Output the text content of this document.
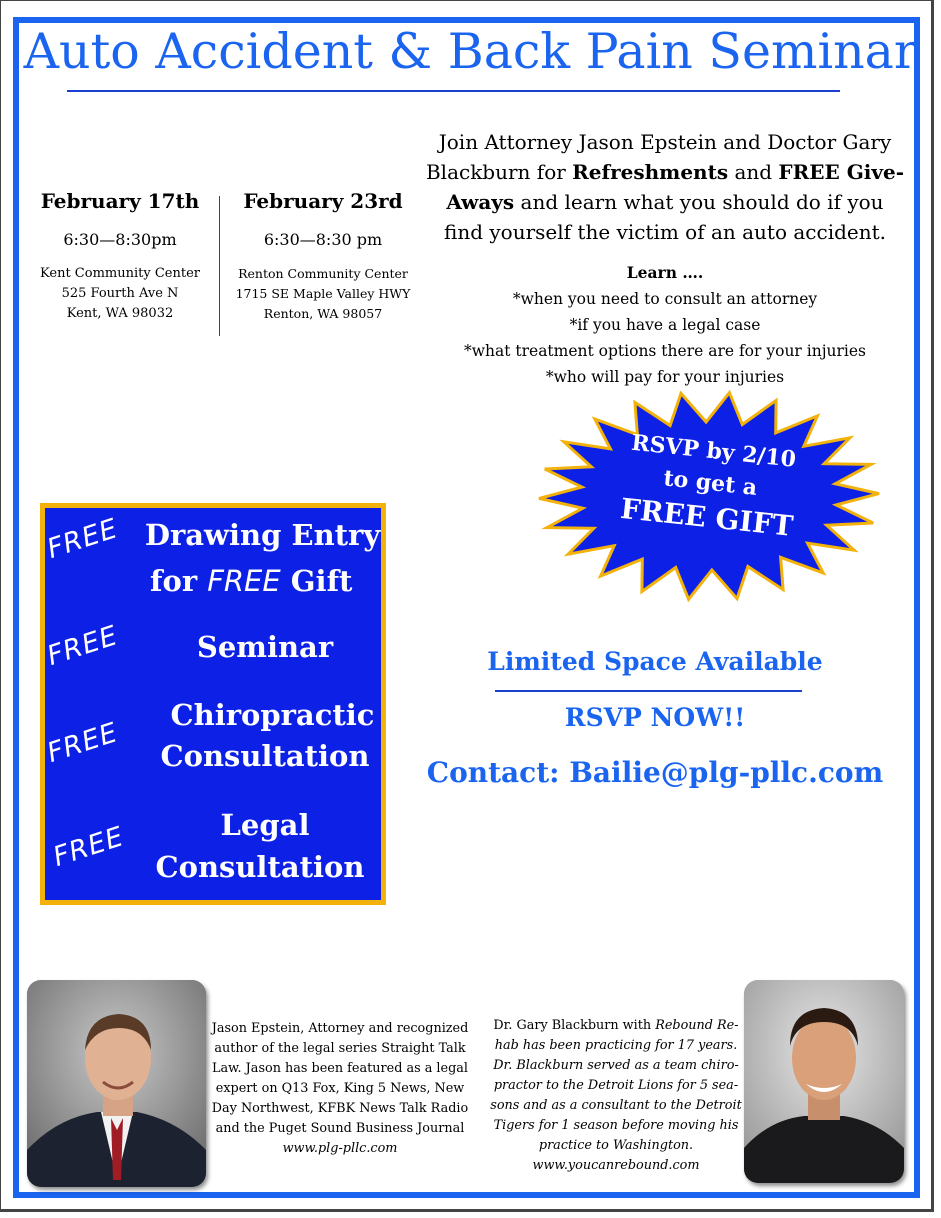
Auto Accident & Back Pain Seminar
February 17th
6:30—8:30pm
Kent Community Center
525 Fourth Ave N
Kent, WA 98032
February 23rd
6:30—8:30 pm
Renton Community Center
1715 SE Maple Valley HWY
Renton, WA 98057
Join Attorney Jason Epstein and Doctor Gary Blackburn for Refreshments and FREE Give-Aways and learn what you should do if you find yourself the victim of an auto accident.
Learn ….
*when you need to consult an attorney
*if you have a legal case
*what treatment options there are for your injuries
*who will pay for your injuries
RSVP by 2/10
to get a
FREE GIFT
FREE Drawing Entry
for FREE Gift
FREE	Seminar
FREE
Chiropractic
Consultation
FREE	Legal
Consultation
Limited Space Available
RSVP NOW!!
Contact: Bailie@plg-pllc.com
Jason Epstein, Attorney and recognized author of the legal series Straight Talk Law. Jason has been featured as a legal expert on Q13 Fox, King 5 News, New Day Northwest, KFBK News Talk Radio and the Puget Sound Business Journal
www.plg-pllc.com
Dr. Gary Blackburn with Rebound Re-hab has been practicing for 17 years. Dr. Blackburn served as a team chiro-practor to the Detroit Lions for 5 sea-sons and as a consultant to the Detroit Tigers for 1 season before moving his practice to Washington.
www.youcanrebound.com
